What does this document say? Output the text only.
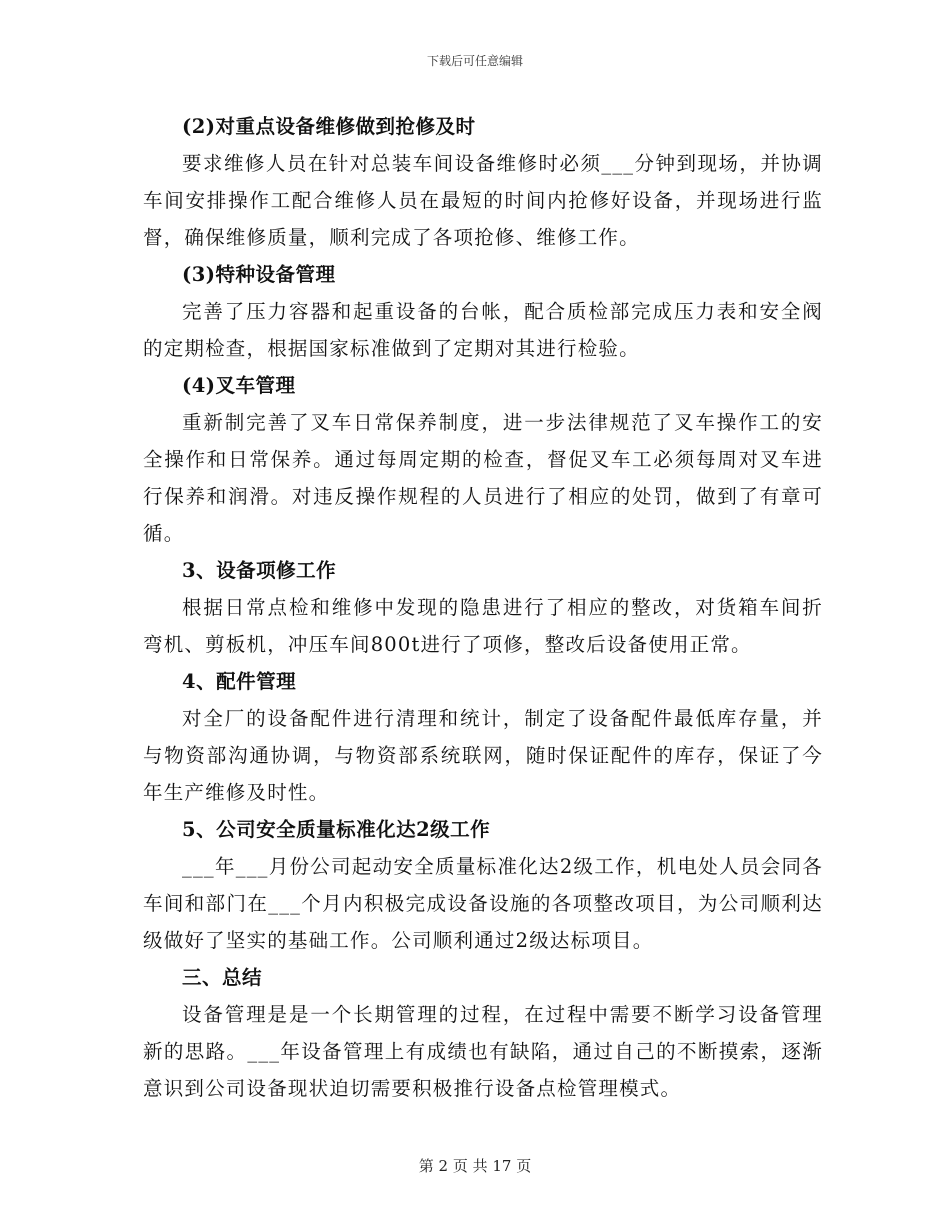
下载后可任意编辑
(2)对重点设备维修做到抢修及时

要求维修人员在针对总装车间设备维修时必须___分钟到现场，并协调车间安排操作工配合维修人员在最短的时间内抢修好设备，并现场进行监督，确保维修质量，顺利完成了各项抢修、维修工作。

(3)特种设备管理

完善了压力容器和起重设备的台帐，配合质检部完成压力表和安全阀的定期检查，根据国家标准做到了定期对其进行检验。

(4)叉车管理

重新制完善了叉车日常保养制度，进一步法律规范了叉车操作工的安全操作和日常保养。通过每周定期的检查，督促叉车工必须每周对叉车进行保养和润滑。对违反操作规程的人员进行了相应的处罚，做到了有章可循。

3、设备项修工作

根据日常点检和维修中发现的隐患进行了相应的整改，对货箱车间折弯机、剪板机，冲压车间800t进行了项修，整改后设备使用正常。

4、配件管理

对全厂的设备配件进行清理和统计，制定了设备配件最低库存量，并与物资部沟通协调，与物资部系统联网，随时保证配件的库存，保证了今年生产维修及时性。

5、公司安全质量标准化达2级工作

___年___月份公司起动安全质量标准化达2级工作，机电处人员会同各车间和部门在___个月内积极完成设备设施的各项整改项目，为公司顺利达级做好了坚实的基础工作。公司顺利通过2级达标项目。

三、总结

设备管理是是一个长期管理的过程，在过程中需要不断学习设备管理新的思路。___年设备管理上有成绩也有缺陷，通过自己的不断摸索，逐渐意识到公司设备现状迫切需要积极推行设备点检管理模式。

第 2 页 共 17 页
